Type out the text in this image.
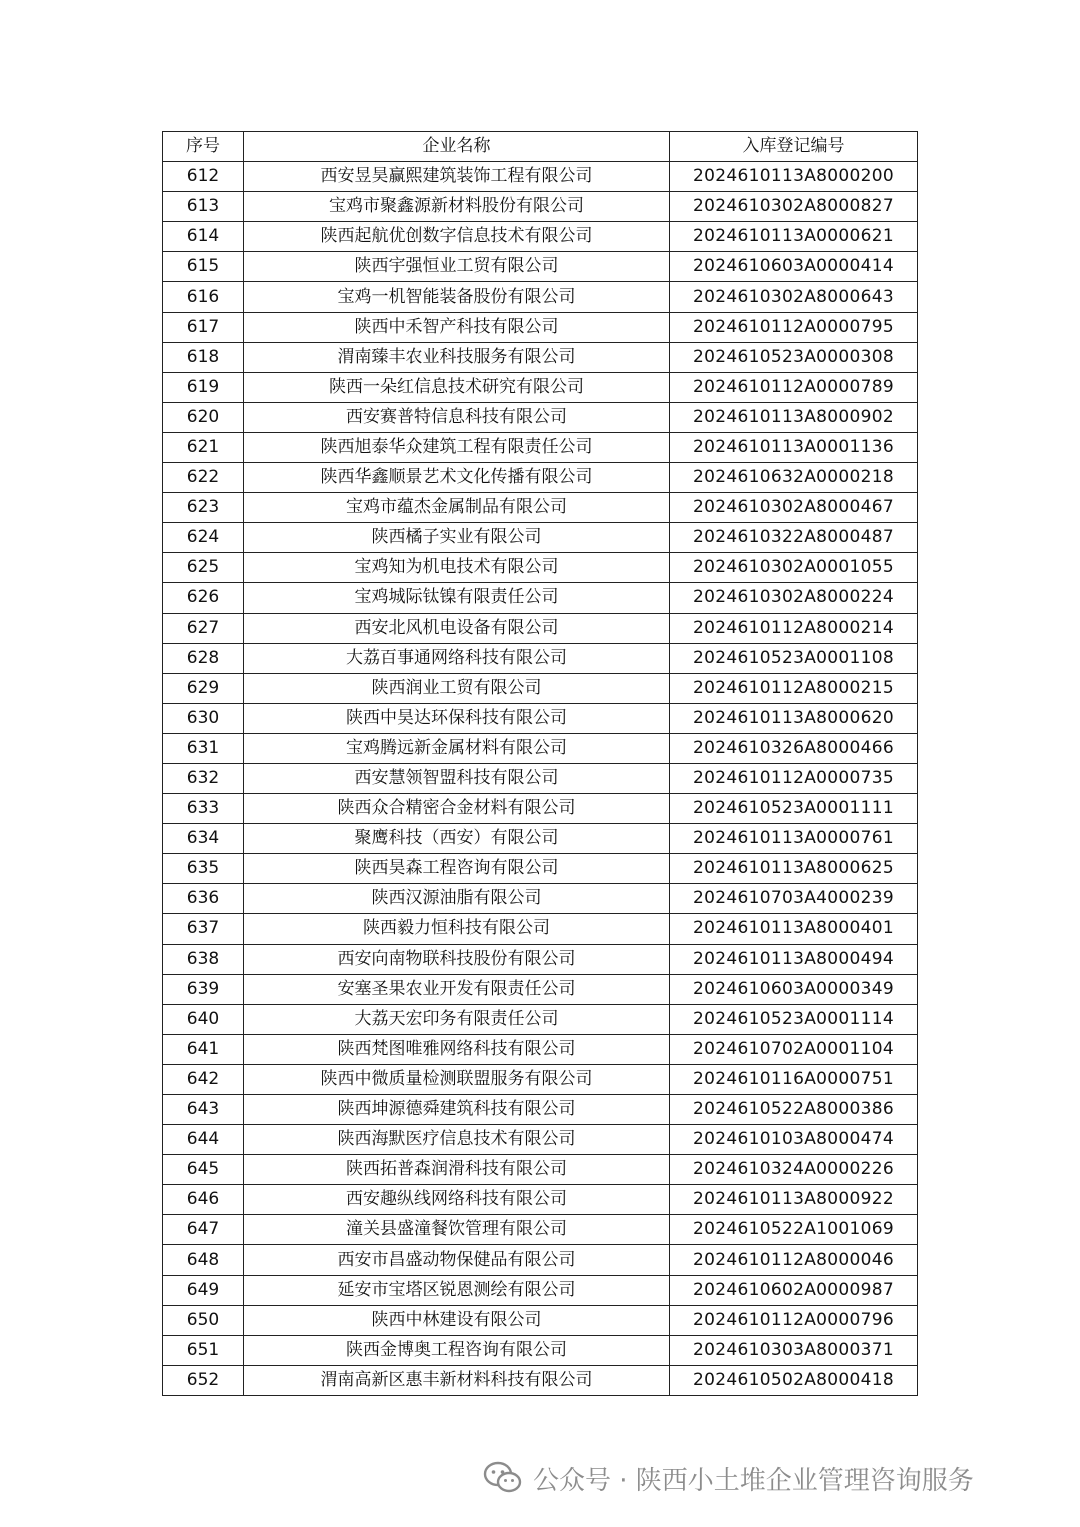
序号	企业名称	入库登记编号
612	西安昱昊赢熙建筑装饰工程有限公司	2024610113A8000200
613	宝鸡市聚鑫源新材料股份有限公司	2024610302A8000827
614	陕西起航优创数字信息技术有限公司	2024610113A0000621
615	陕西宇强恒业工贸有限公司	2024610603A0000414
616	宝鸡一机智能装备股份有限公司	2024610302A8000643
617	陕西中禾智产科技有限公司	2024610112A0000795
618	渭南臻丰农业科技服务有限公司	2024610523A0000308
619	陕西一朵红信息技术研究有限公司	2024610112A0000789
620	西安赛普特信息科技有限公司	2024610113A8000902
621	陕西旭泰华众建筑工程有限责任公司	2024610113A0001136
622	陕西华鑫顺景艺术文化传播有限公司	2024610632A0000218
623	宝鸡市蕴杰金属制品有限公司	2024610302A8000467
624	陕西橘子实业有限公司	2024610322A8000487
625	宝鸡知为机电技术有限公司	2024610302A0001055
626	宝鸡城际钛镍有限责任公司	2024610302A8000224
627	西安北风机电设备有限公司	2024610112A8000214
628	大荔百事通网络科技有限公司	2024610523A0001108
629	陕西润业工贸有限公司	2024610112A8000215
630	陕西中昊达环保科技有限公司	2024610113A8000620
631	宝鸡腾远新金属材料有限公司	2024610326A8000466
632	西安慧领智盟科技有限公司	2024610112A0000735
633	陕西众合精密合金材料有限公司	2024610523A0001111
634	聚鹰科技（西安）有限公司	2024610113A0000761
635	陕西昊森工程咨询有限公司	2024610113A8000625
636	陕西汉源油脂有限公司	2024610703A4000239
637	陕西毅力恒科技有限公司	2024610113A8000401
638	西安向南物联科技股份有限公司	2024610113A8000494
639	安塞圣果农业开发有限责任公司	2024610603A0000349
640	大荔天宏印务有限责任公司	2024610523A0001114
641	陕西梵图唯雅网络科技有限公司	2024610702A0001104
642	陕西中微质量检测联盟服务有限公司	2024610116A0000751
643	陕西坤源德舜建筑科技有限公司	2024610522A8000386
644	陕西海默医疗信息技术有限公司	2024610103A8000474
645	陕西拓普森润滑科技有限公司	2024610324A0000226
646	西安趣纵线网络科技有限公司	2024610113A8000922
647	潼关县盛潼餐饮管理有限公司	2024610522A1001069
648	西安市昌盛动物保健品有限公司	2024610112A8000046
649	延安市宝塔区锐恩测绘有限公司	2024610602A0000987
650	陕西中林建设有限公司	2024610112A0000796
651	陕西金博奥工程咨询有限公司	2024610303A8000371
652	渭南高新区惠丰新材料科技有限公司	2024610502A8000418
公众号 · 陕西小土堆企业管理咨询服务
